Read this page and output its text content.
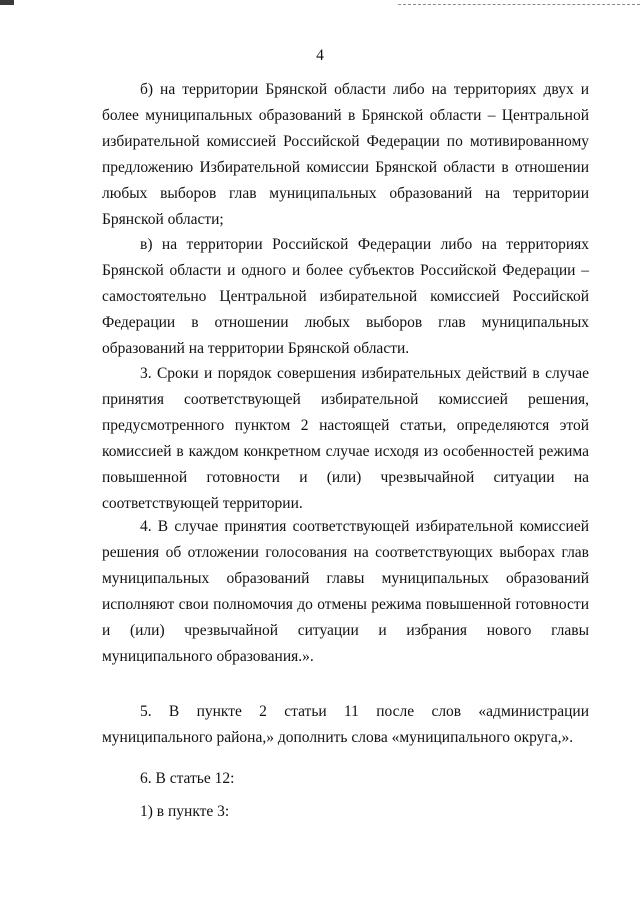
4

б) на территории Брянской области либо на территориях двух и более муниципальных образований в Брянской области – Центральной избирательной комиссией Российской Федерации по мотивированному предложению Избирательной комиссии Брянской области в отношении любых выборов глав муниципальных образований на территории Брянской области;

в) на территории Российской Федерации либо на территориях Брянской области и одного и более субъектов Российской Федерации – самостоятельно Центральной избирательной комиссией Российской Федерации в отношении любых выборов глав муниципальных образований на территории Брянской области.

3. Сроки и порядок совершения избирательных действий в случае принятия соответствующей избирательной комиссией решения, предусмотренного пунктом 2 настоящей статьи, определяются этой комиссией в каждом конкретном случае исходя из особенностей режима повышенной готовности и (или) чрезвычайной ситуации на соответствующей территории.

4. В случае принятия соответствующей избирательной комиссией решения об отложении голосования на соответствующих выборах глав муниципальных образований главы муниципальных образований исполняют свои полномочия до отмены режима повышенной готовности и (или) чрезвычайной ситуации и избрания нового главы муниципального образования.».

5. В пункте 2 статьи 11 после слов «администрации муниципального района,» дополнить слова «муниципального округа,».

6. В статье 12:

1) в пункте 3:
